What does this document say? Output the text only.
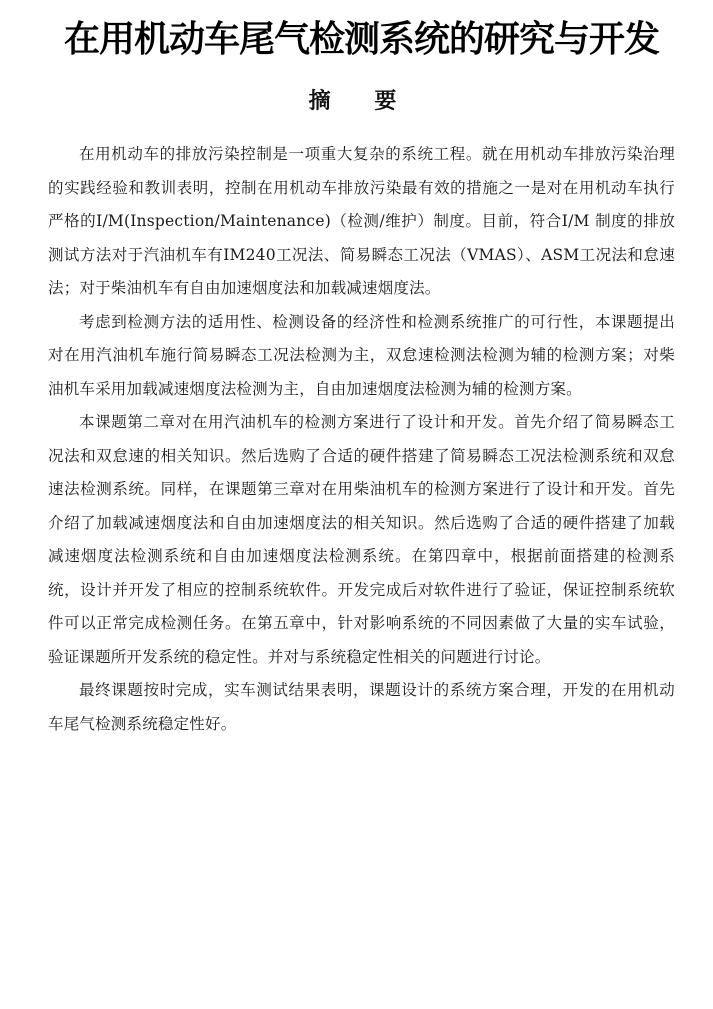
在用机动车尾气检测系统的研究与开发
摘 要

在用机动车的排放污染控制是一项重大复杂的系统工程。就在用机动车排放污染治理的实践经验和教训表明，控制在用机动车排放污染最有效的措施之一是对在用机动车执行严格的I/M(Inspection/Maintenance)（检测/维护）制度。目前，符合I/M 制度的排放测试方法对于汽油机车有IM240工况法、简易瞬态工况法（VMAS）、ASM工况法和怠速法；对于柴油机车有自由加速烟度法和加载减速烟度法。

考虑到检测方法的适用性、检测设备的经济性和检测系统推广的可行性，本课题提出对在用汽油机车施行简易瞬态工况法检测为主，双怠速检测法检测为辅的检测方案；对柴油机车采用加载减速烟度法检测为主，自由加速烟度法检测为辅的检测方案。

本课题第二章对在用汽油机车的检测方案进行了设计和开发。首先介绍了简易瞬态工况法和双怠速的相关知识。然后选购了合适的硬件搭建了简易瞬态工况法检测系统和双怠速法检测系统。同样，在课题第三章对在用柴油机车的检测方案进行了设计和开发。首先介绍了加载减速烟度法和自由加速烟度法的相关知识。然后选购了合适的硬件搭建了加载减速烟度法检测系统和自由加速烟度法检测系统。在第四章中，根据前面搭建的检测系统，设计并开发了相应的控制系统软件。开发完成后对软件进行了验证，保证控制系统软件可以正常完成检测任务。在第五章中，针对影响系统的不同因素做了大量的实车试验，验证课题所开发系统的稳定性。并对与系统稳定性相关的问题进行讨论。

最终课题按时完成，实车测试结果表明，课题设计的系统方案合理，开发的在用机动车尾气检测系统稳定性好。
